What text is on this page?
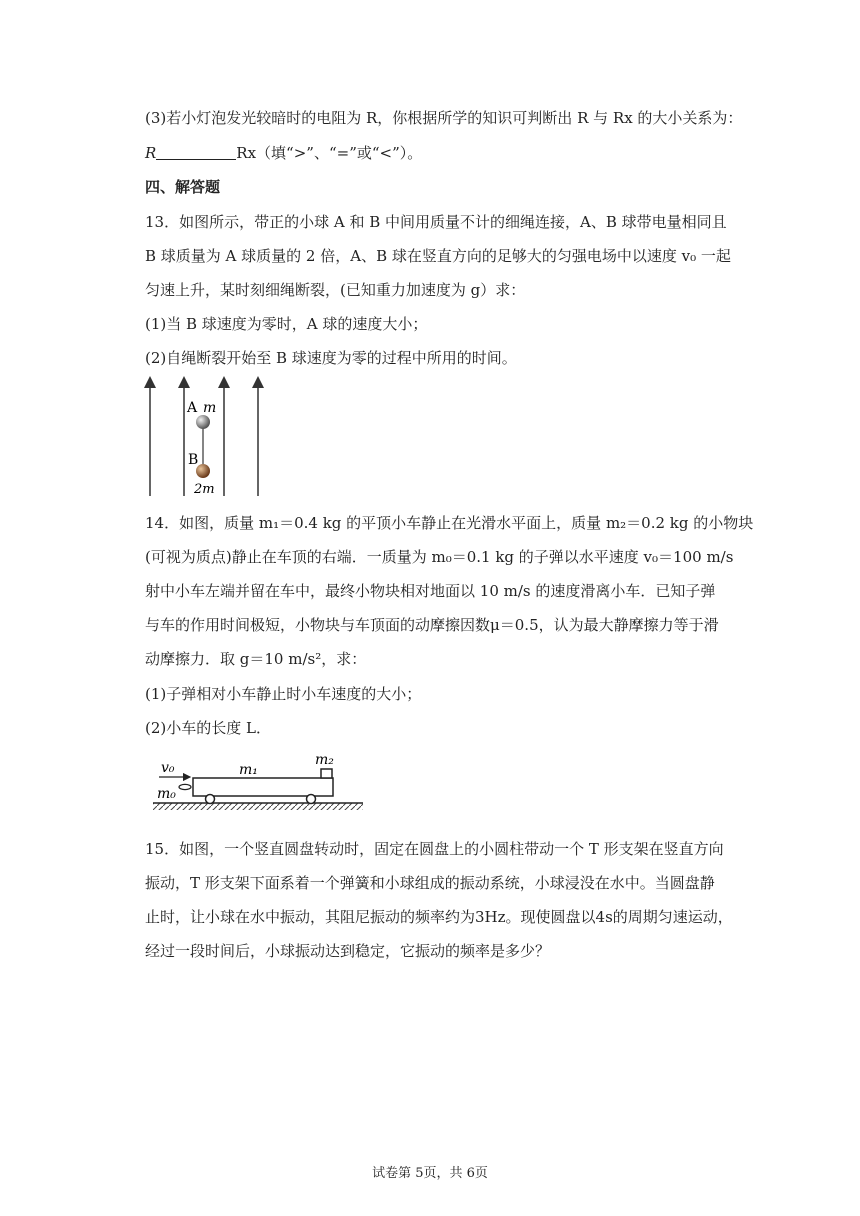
(3)若小灯泡发光较暗时的电阻为 R，你根据所学的知识可判断出 R 与 Rx 的大小关系为：
R	Rx（填“>”、“=”或“<”）。
四、解答题
13．如图所示，带正的小球 A 和 B 中间用质量不计的细绳连接，A、B 球带电量相同且
B 球质量为 A 球质量的 2 倍，A、B 球在竖直方向的足够大的匀强电场中以速度 v₀ 一起
匀速上升，某时刻细绳断裂，(已知重力加速度为 g）求：
(1)当 B 球速度为零时，A 球的速度大小；
(2)自绳断裂开始至 B 球速度为零的过程中所用的时间。
A m
B
2m
14．如图，质量 m₁＝0.4 kg 的平顶小车静止在光滑水平面上，质量 m₂＝0.2 kg 的小物块
(可视为质点)静止在车顶的右端．一质量为 m₀＝0.1 kg 的子弹以水平速度 v₀＝100 m/s
射中小车左端并留在车中，最终小物块相对地面以 10 m/s 的速度滑离小车．已知子弹
与车的作用时间极短，小物块与车顶面的动摩擦因数μ＝0.5，认为最大静摩擦力等于滑
动摩擦力．取 g＝10 m/s²，求：
(1)子弹相对小车静止时小车速度的大小；
(2)小车的长度 L．
v₀
m₀
m₁
m₂
15．如图，一个竖直圆盘转动时，固定在圆盘上的小圆柱带动一个 T 形支架在竖直方向
振动，T 形支架下面系着一个弹簧和小球组成的振动系统，小球浸没在水中。当圆盘静
止时，让小球在水中振动，其阻尼振动的频率约为3Hz。现使圆盘以4s的周期匀速运动，
经过一段时间后，小球振动达到稳定，它振动的频率是多少？
试卷第 5页，共 6页
